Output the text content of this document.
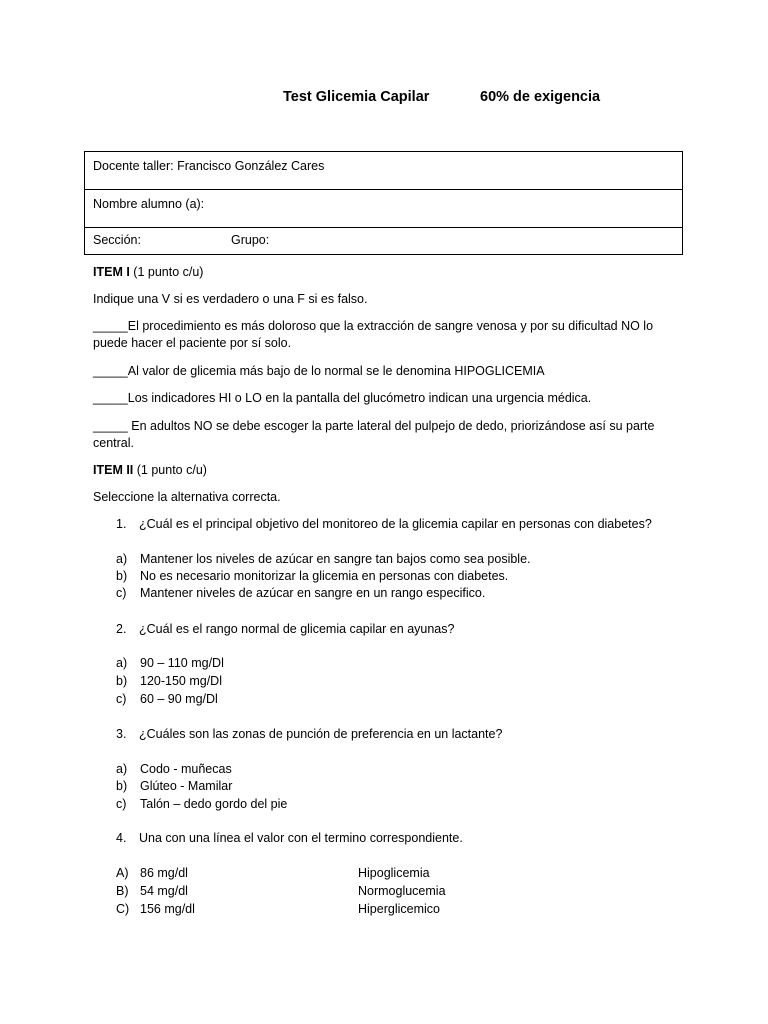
Test Glicemia Capilar	60% de exigencia
Docente taller: Francisco González Cares
Nombre alumno (a):
Sección:	Grupo:
ITEM I (1 punto c/u)
Indique una V si es verdadero o una F si es falso.
_____El procedimiento es más doloroso que la extracción de sangre venosa y por su dificultad NO lo puede hacer el paciente por sí solo.
_____Al valor de glicemia más bajo de lo normal se le denomina HIPOGLICEMIA
_____Los indicadores HI o LO en la pantalla del glucómetro indican una urgencia médica.
_____ En adultos NO se debe escoger la parte lateral del pulpejo de dedo, priorizándose así su parte central.
ITEM II (1 punto c/u)
Seleccione la alternativa correcta.
1. ¿Cuál es el principal objetivo del monitoreo de la glicemia capilar en personas con diabetes?
a) Mantener los niveles de azúcar en sangre tan bajos como sea posible.
b) No es necesario monitorizar la glicemia en personas con diabetes.
c) Mantener niveles de azúcar en sangre en un rango especifico.
2. ¿Cuál es el rango normal de glicemia capilar en ayunas?
a) 90 – 110 mg/Dl
b) 120-150 mg/Dl
c) 60 – 90 mg/Dl
3. ¿Cuáles son las zonas de punción de preferencia en un lactante?
a) Codo - muñecas
b) Glúteo - Mamilar
c) Talón – dedo gordo del pie
4. Una con una línea el valor con el termino correspondiente.
A) 86 mg/dl
B) 54 mg/dl
C) 156 mg/dl
Hipoglicemia
Normoglucemia
Hiperglicemico
